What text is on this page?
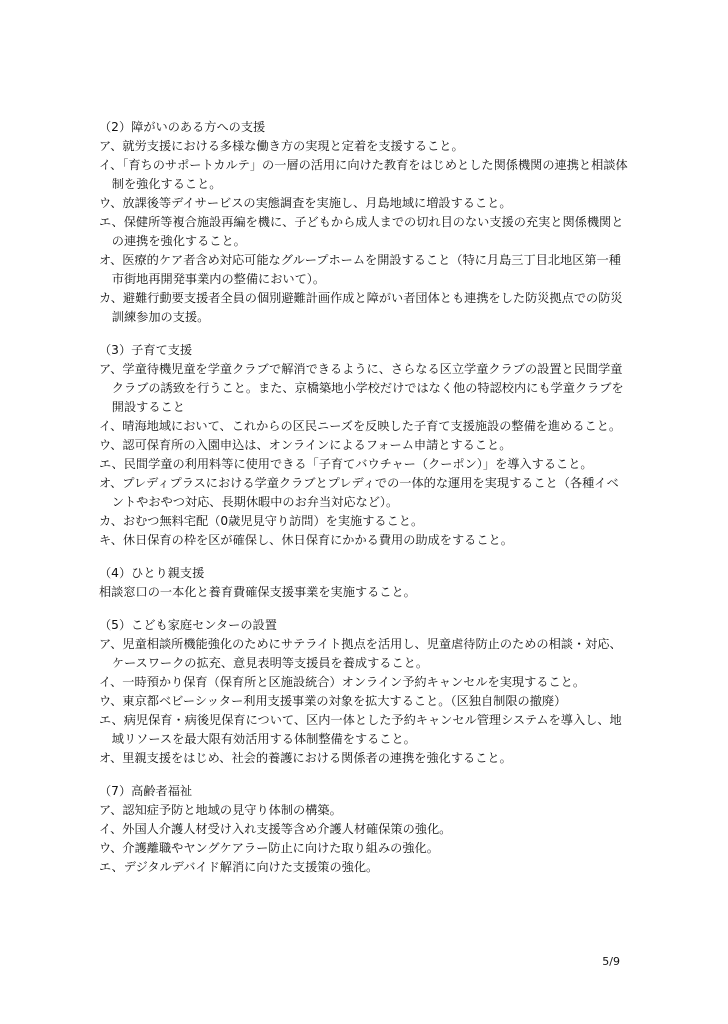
（2）障がいのある方への支援
ア、就労支援における多様な働き方の実現と定着を支援すること。
イ、「育ちのサポートカルテ」の一層の活用に向けた教育をはじめとした関係機関の連携と相談体制を強化すること。
ウ、放課後等デイサービスの実態調査を実施し、月島地域に増設すること。
エ、保健所等複合施設再編を機に、子どもから成人までの切れ目のない支援の充実と関係機関との連携を強化すること。
オ、医療的ケア者含め対応可能なグループホームを開設すること（特に月島三丁目北地区第一種市街地再開発事業内の整備において）。
カ、避難行動要支援者全員の個別避難計画作成と障がい者団体とも連携をした防災拠点での防災訓練参加の支援。
（3）子育て支援
ア、学童待機児童を学童クラブで解消できるように、さらなる区立学童クラブの設置と民間学童クラブの誘致を行うこと。また、京橋築地小学校だけではなく他の特認校内にも学童クラブを開設すること
イ、晴海地域において、これからの区民ニーズを反映した子育て支援施設の整備を進めること。
ウ、認可保育所の入園申込は、オンラインによるフォーム申請とすること。
エ、民間学童の利用料等に使用できる「子育てバウチャー（クーポン）」を導入すること。
オ、プレディプラスにおける学童クラブとプレディでの一体的な運用を実現すること（各種イベントやおやつ対応、長期休暇中のお弁当対応など）。
カ、おむつ無料宅配（0歳児見守り訪問）を実施すること。
キ、休日保育の枠を区が確保し、休日保育にかかる費用の助成をすること。
（4）ひとり親支援
相談窓口の一本化と養育費確保支援事業を実施すること。
（5）こども家庭センターの設置
ア、児童相談所機能強化のためにサテライト拠点を活用し、児童虐待防止のための相談・対応、ケースワークの拡充、意見表明等支援員を養成すること。
イ、一時預かり保育（保育所と区施設統合）オンライン予約キャンセルを実現すること。
ウ、東京都ベビーシッター利用支援事業の対象を拡大すること。（区独自制限の撤廃）
エ、病児保育・病後児保育について、区内一体とした予約キャンセル管理システムを導入し、地域リソースを最大限有効活用する体制整備をすること。
オ、里親支援をはじめ、社会的養護における関係者の連携を強化すること。
（7）高齢者福祉
ア、認知症予防と地域の見守り体制の構築。
イ、外国人介護人材受け入れ支援等含め介護人材確保策の強化。
ウ、介護離職やヤングケアラー防止に向けた取り組みの強化。
エ、デジタルデバイド解消に向けた支援策の強化。
5/9
